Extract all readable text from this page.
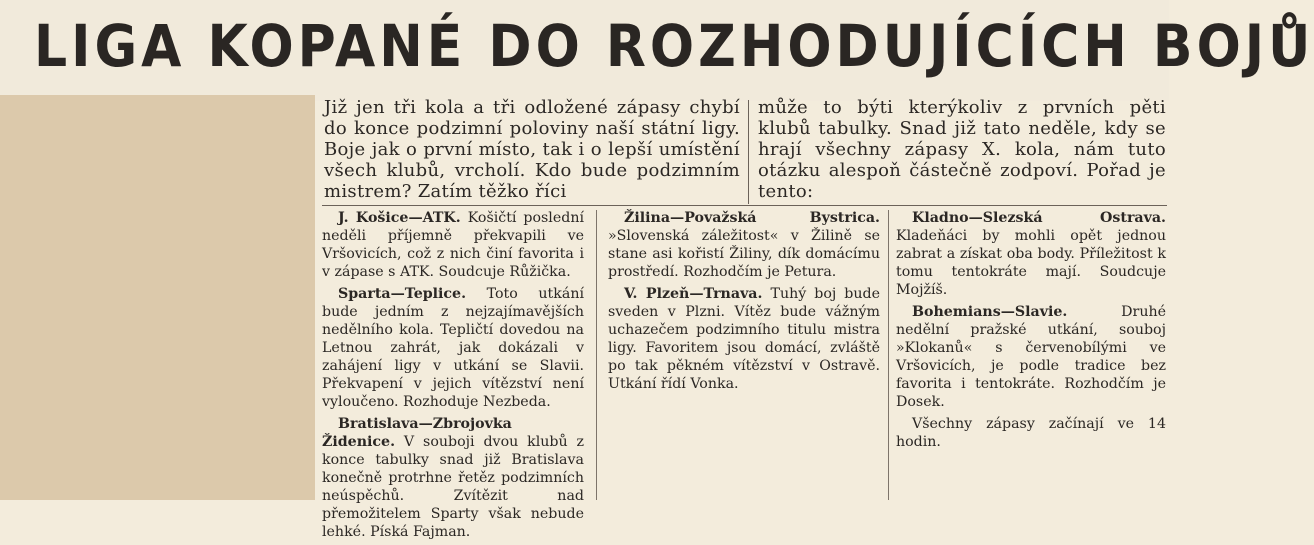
LIGA KOPANÉ DO ROZHODUJÍCÍCH BOJŮ
Již jen tři kola a tři odložené zápasy chybí do konce podzimní poloviny naší státní ligy. Boje jak o první místo, tak i o lepší umístění všech klubů, vrcholí. Kdo bude podzimním mistrem? Zatím těžko říci
může to býti kterýkoliv z prvních pěti klubů tabulky. Snad již tato neděle, kdy se hrají všechny zápasy X. kola, nám tuto otázku alespoň částečně zodpoví. Pořad je tento:

J. Košice—ATK. Košičtí poslední neděli příjemně překvapili ve Vršovicích, což z nich činí favorita i v zápase s ATK. Soudcuje Růžička.

Sparta—Teplice. Toto utkání bude jedním z nejzajímavějších nedělního kola. Tepličtí dovedou na Letnou zahrát, jak dokázali v zahájení ligy v utkání se Slavii. Překvapení v jejich vítězství není vyloučeno. Rozhoduje Nezbeda.

Bratislava—Zbrojovka Židenice. V souboji dvou klubů z konce tabulky snad již Bratislava konečně protrhne řetěz podzimních neúspěchů. Zvítězit nad přemožitelem Sparty však nebude lehké. Píská Fajman.

Žilina—Považská Bystrica. »Slovenská záležitost« v Žilině se stane asi kořistí Žiliny, dík domácímu prostředí. Rozhodčím je Petura.

V. Plzeň—Trnava. Tuhý boj bude sveden v Plzni. Vítěz bude vážným uchazečem podzimního titulu mistra ligy. Favoritem jsou domácí, zvláště po tak pěkném vítězství v Ostravě. Utkání řídí Vonka.

Kladno—Slezská Ostrava. Kladeňáci by mohli opět jednou zabrat a získat oba body. Příležitost k tomu tentokráte mají. Soudcuje Mojžíš.

Bohemians—Slavie.	Druhé nedělní pražské utkání, souboj »Klokanů« s červenobílými ve Vršovicích, je podle tradice bez favorita i tentokráte. Rozhodčím je Dosek.

Všechny zápasy začínají ve 14 hodin.
